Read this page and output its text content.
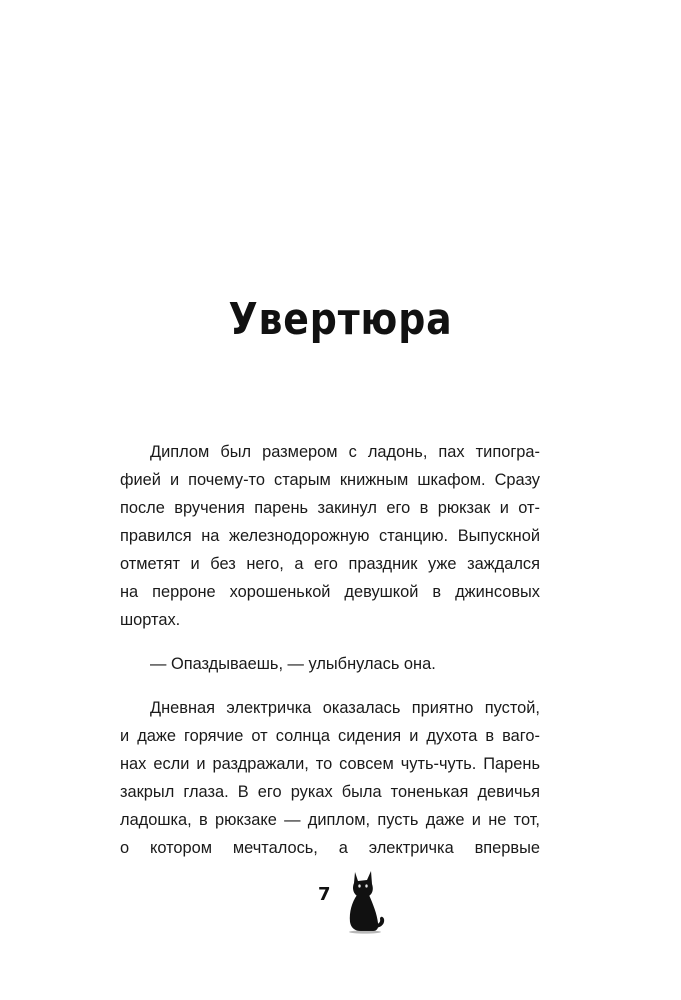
Увертюра
Диплом был размером с ладонь, пах типогра-
фией и почему-то старым книжным шкафом. Сразу
после вручения парень закинул его в рюкзак и от-
правился на железнодорожную станцию. Выпускной
отметят и без него, а его праздник уже заждался
на перроне хорошенькой девушкой в джинсовых
шортах.
— Опаздываешь, — улыбнулась она.
Дневная электричка оказалась приятно пустой,
и даже горячие от солнца сидения и духота в ваго-
нах если и раздражали, то совсем чуть-чуть. Парень
закрыл глаза. В его руках была тоненькая девичья
ладошка, в рюкзаке — диплом, пусть даже и не тот,
о котором мечталось, а электричка впервые
7
